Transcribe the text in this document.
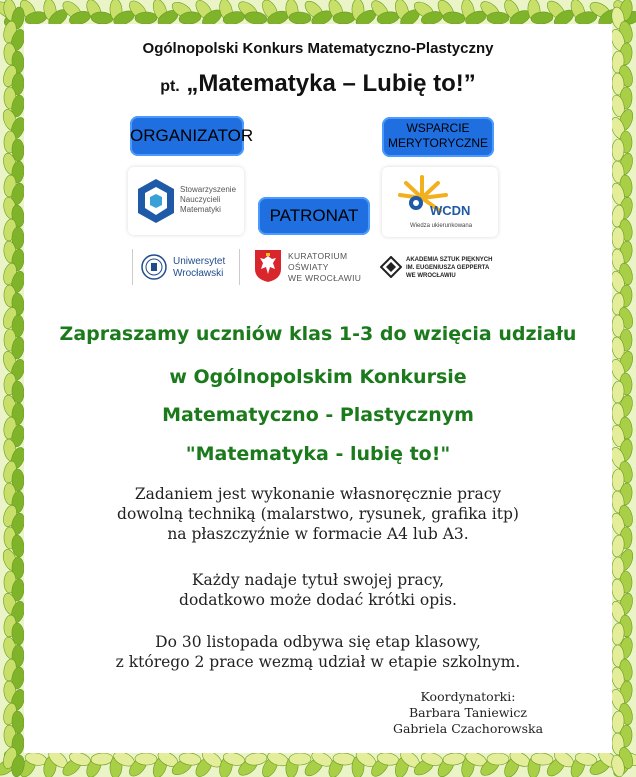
Ogólnopolski Konkurs Matematyczno-Plastyczny
pt. „Matematyka – Lubię to!”
ORGANIZATOR	WSPARCIE
MERYTORYCZNE
PATRONAT
Stowarzyszenie
Nauczycieli
Matematyki	WCDN
Wiedza ukierunkowana
Uniwersytet
Wrocławski
KURATORIUM
OŚWIATY
WE WROCŁAWIU
AKADEMIA SZTUK PIĘKNYCH
IM. EUGENIUSZA GEPPERTA
WE WROCŁAWIU
Zapraszamy uczniów klas 1-3 do wzięcia udziału
w Ogólnopolskim Konkursie
Matematyczno - Plastycznym
"Matematyka - lubię to!"
Zadaniem jest wykonanie własnoręcznie pracy
dowolną techniką (malarstwo, rysunek, grafika itp)
na płaszczyźnie w formacie A4 lub A3.
Każdy nadaje tytuł swojej pracy,
dodatkowo może dodać krótki opis.
Do 30 listopada odbywa się etap klasowy,
z którego 2 prace wezmą udział w etapie szkolnym.
Koordynatorki:
Barbara Taniewicz
Gabriela Czachorowska
